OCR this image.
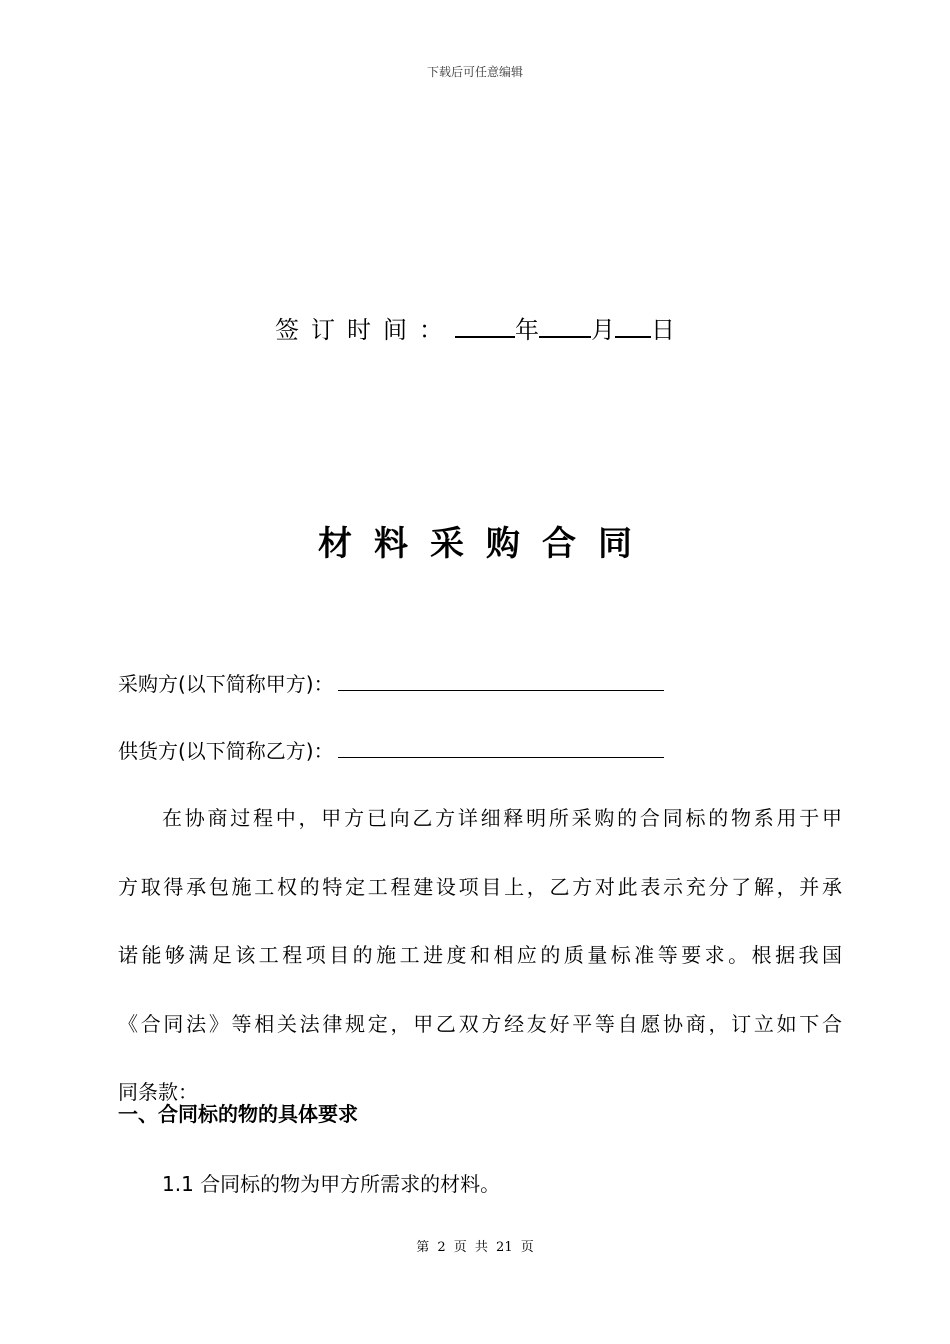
下载后可任意编辑
签订时间：	年 月 日
材料采购合同
采购方(以下简称甲方)：
供货方(以下简称乙方)：
在协商过程中，甲方已向乙方详细释明所采购的合同标的物系用于甲
方取得承包施工权的特定工程建设项目上，乙方对此表示充分了解，并承
诺能够满足该工程项目的施工进度和相应的质量标准等要求。根据我国
《合同法》等相关法律规定，甲乙双方经友好平等自愿协商，订立如下合
同条款：
一、合同标的物的具体要求
1.1 合同标的物为甲方所需求的材料。
第 2 页 共 21 页
